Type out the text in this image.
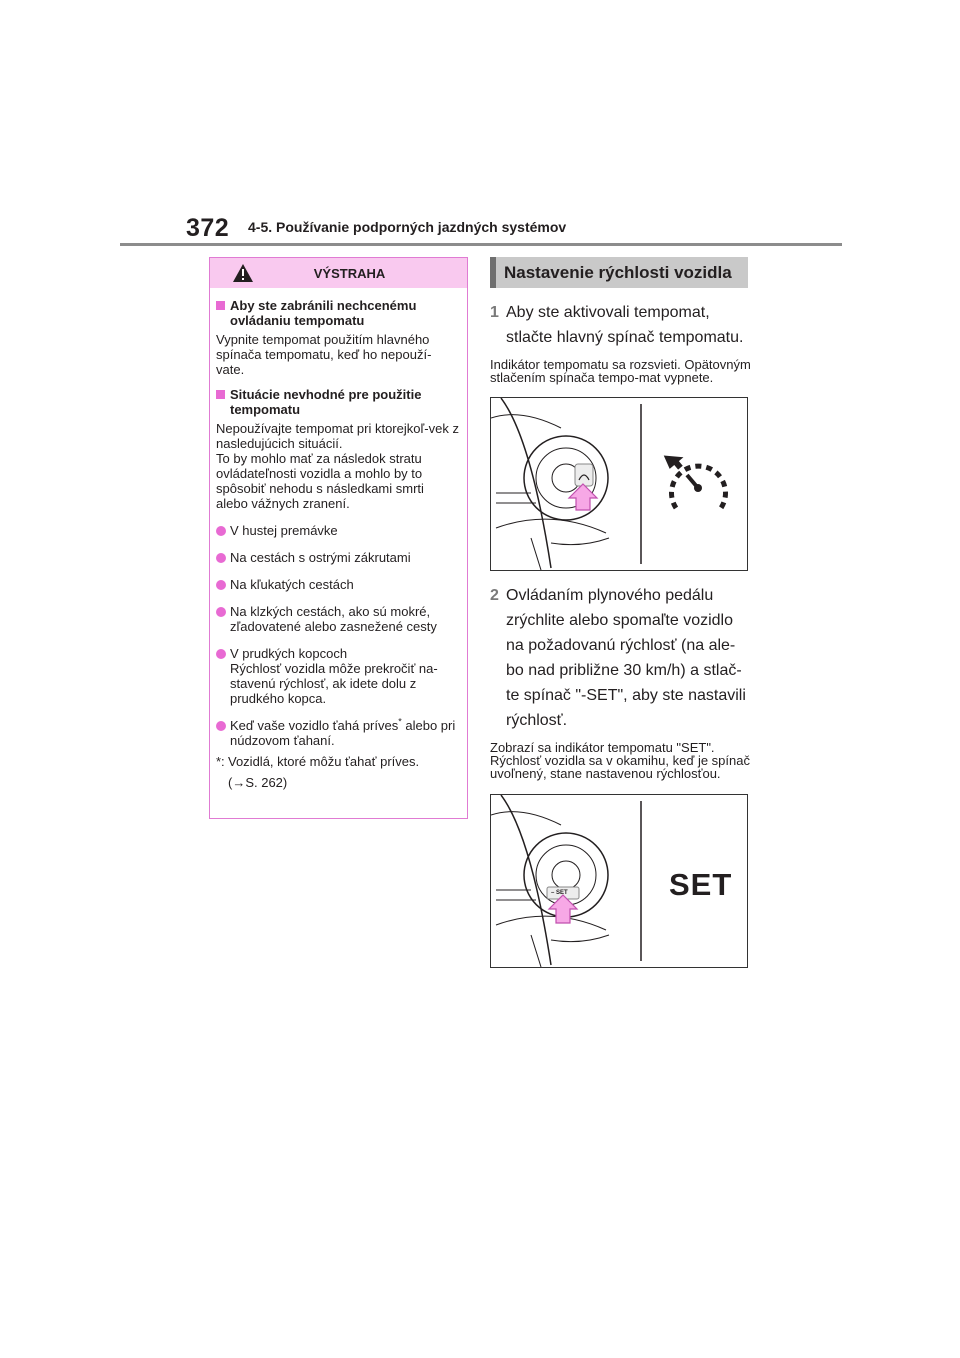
372 4-5. Používanie podporných jazdných systémov
VÝSTRAHA
Aby ste zabránili nechcenému ovládaniu tempomatu
Vypnite tempomat použitím hlavného spínača tempomatu, keď ho nepouží-vate.
Situácie nevhodné pre použitie tempomatu
Nepoužívajte tempomat pri ktorejkoľ-vek z nasledujúcich situácií.
To by mohlo mať za následok stratu ovládateľnosti vozidla a mohlo by to spôsobiť nehodu s následkami smrti alebo vážnych zranení.
V hustej premávke
Na cestách s ostrými zákrutami
Na kľukatých cestách
Na klzkých cestách, ako sú mokré, zľadovatené alebo zasnežené cesty
V prudkých kopcoch
Rýchlosť vozidla môže prekročiť na-stavenú rýchlosť, ak idete dolu z prudkého kopca.
Keď vaše vozidlo ťahá príves* alebo pri núdzovom ťahaní.
*: Vozidlá, ktoré môžu ťahať príves.
(→S. 262)
Nastavenie rýchlosti vozidla
1 Aby ste aktivovali tempomat, stlačte hlavný spínač tempomatu.
Indikátor tempomatu sa rozsvieti. Opätovným stlačením spínača tempo-mat vypnete.
2 Ovládaním plynového pedálu zrýchlite alebo spomaľte vozidlo na požadovanú rýchlosť (na ale-bo nad približne 30 km/h) a stlač-te spínač "-SET", aby ste nastavili rýchlosť.
Zobrazí sa indikátor tempomatu "SET". Rýchlosť vozidla sa v okamihu, keď je spínač uvoľnený, stane nastavenou rýchlosťou.
– SET	SET
